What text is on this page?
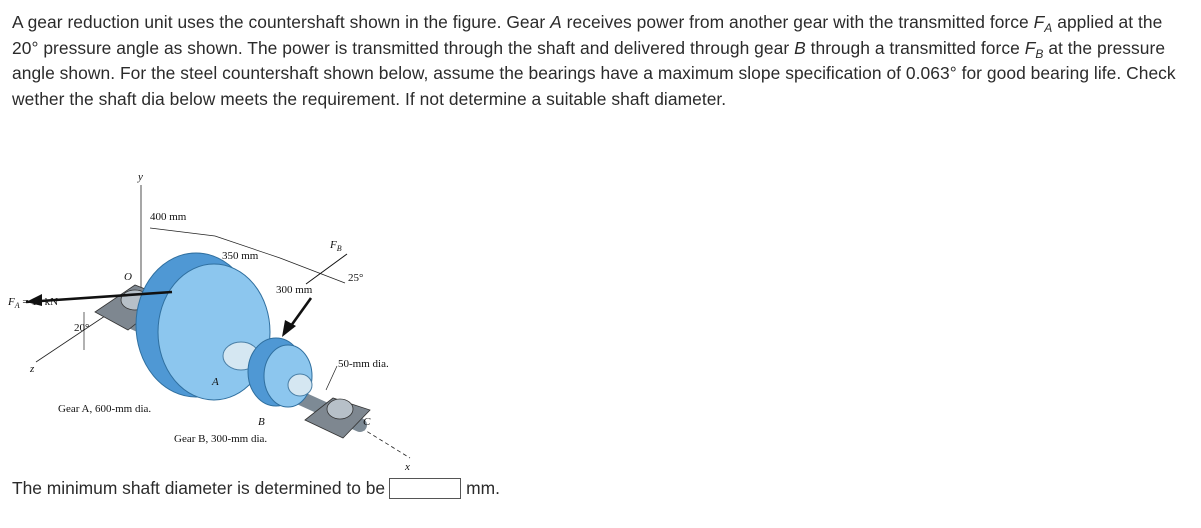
A gear reduction unit uses the countershaft shown in the figure. Gear A receives power from another gear with the transmitted force $F_A$ applied at the 20° pressure angle as shown. The power is transmitted through the shaft and delivered through gear B through a transmitted force $F_B$ at the pressure angle shown. For the steel countershaft shown below, assume the bearings have a maximum slope specification of 0.063° for good bearing life. Check wether the shaft dia below meets the requirement. If not determine a suitable shaft diameter.
y
x
z
O
400 mm
350 mm
300 mm
A
B	C
$F_A = 11$ kN
20°
$F_B$
25°
50-mm dia.
Gear A, 600-mm dia.
Gear B, 300-mm dia.
The minimum shaft diameter is determined to be	mm.
